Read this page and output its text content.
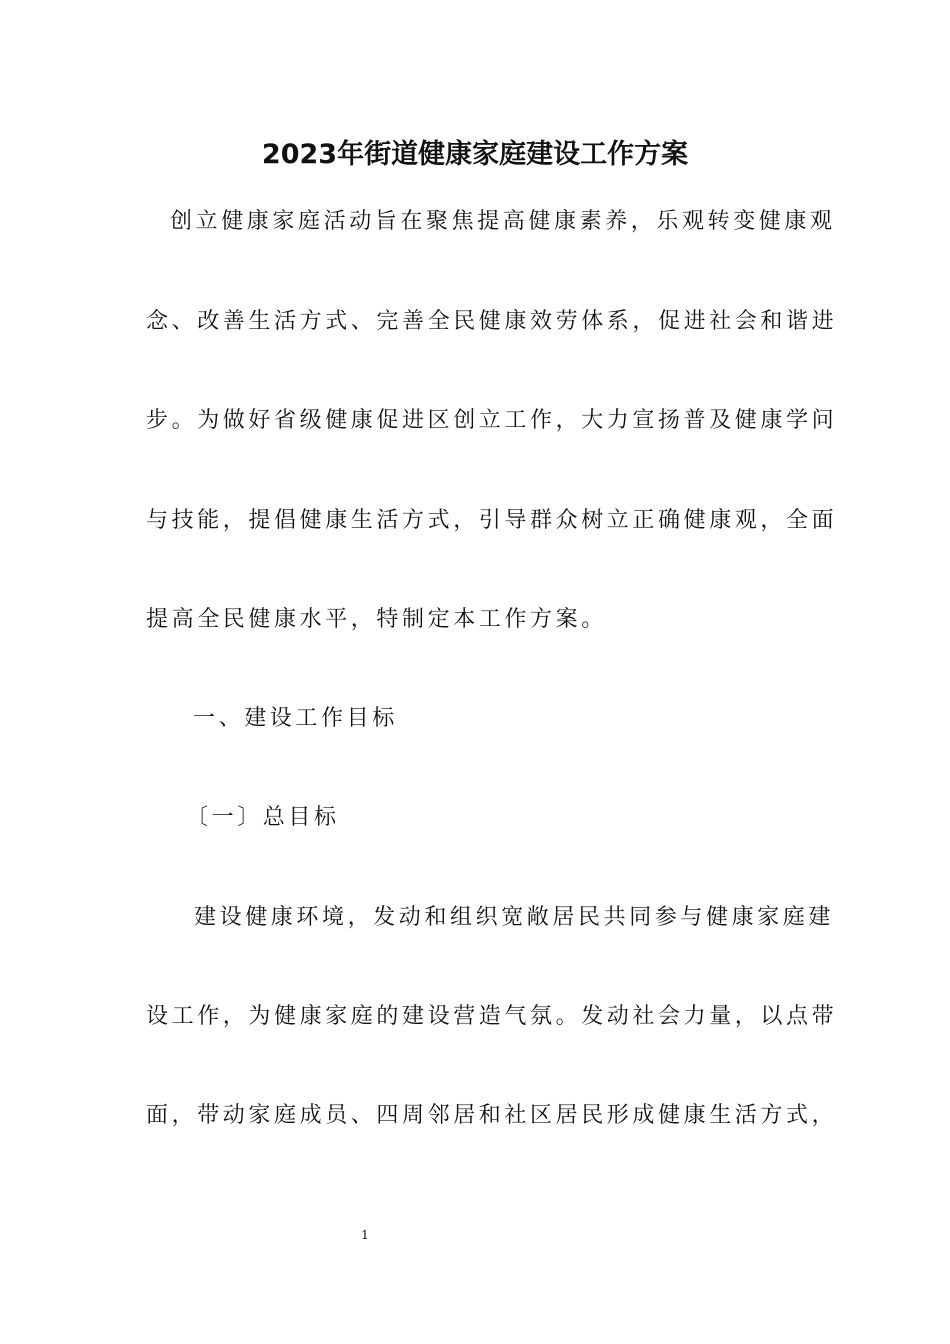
2023年街道健康家庭建设工作方案

创立健康家庭活动旨在聚焦提高健康素养，乐观转变健康观

念、改善生活方式、完善全民健康效劳体系，促进社会和谐进

步。为做好省级健康促进区创立工作，大力宣扬普及健康学问

与技能，提倡健康生活方式，引导群众树立正确健康观，全面

提高全民健康水平，特制定本工作方案。

一、建设工作目标

〔一〕总目标

建设健康环境，发动和组织宽敞居民共同参与健康家庭建

设工作，为健康家庭的建设营造气氛。发动社会力量，以点带

面，带动家庭成员、四周邻居和社区居民形成健康生活方式，

1
